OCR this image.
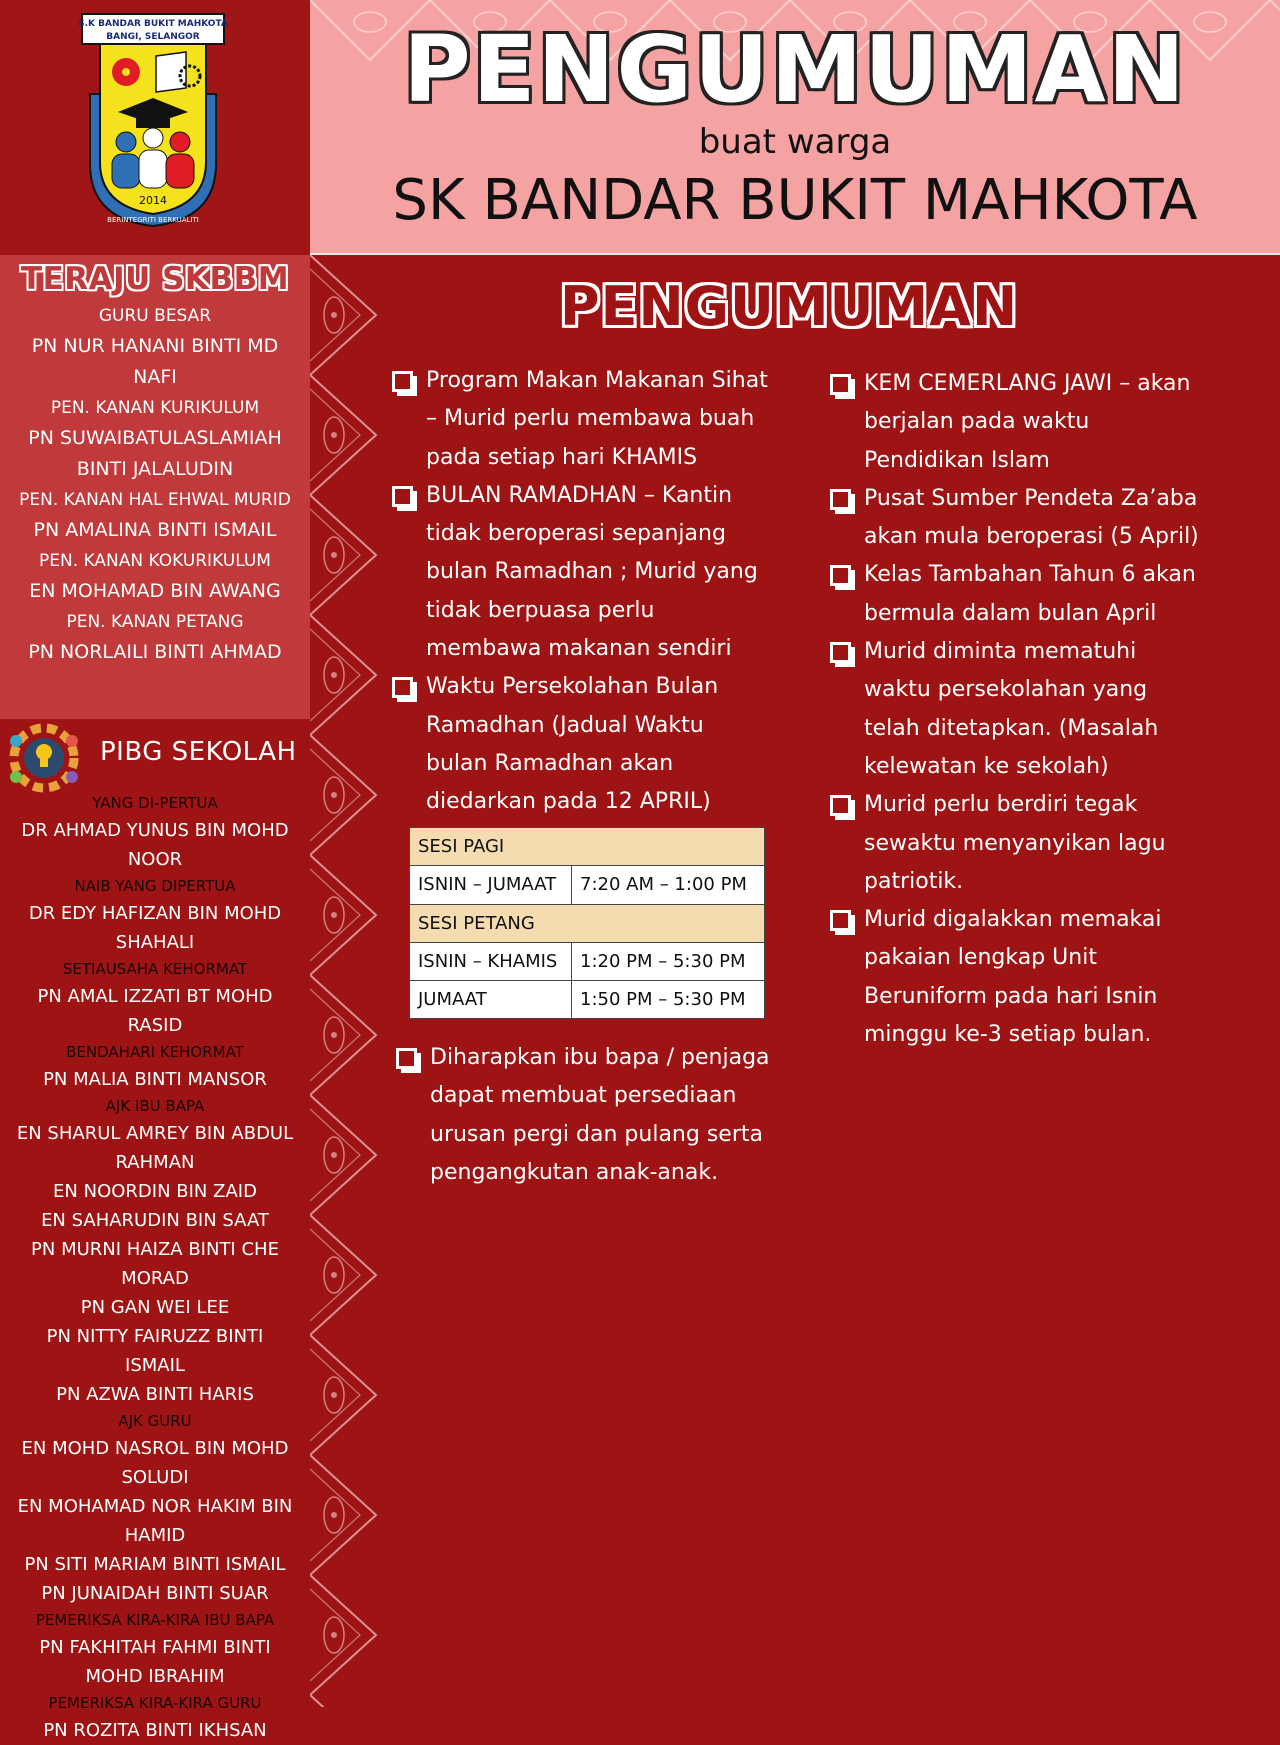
S.K BANDAR BUKIT MAHKOTA
BANGI, SELANGOR
2014
BERINTEGRITI BERKUALITI
TERAJU SKBBM
GURU BESAR
PN NUR HANANI BINTI MD NAFI
PEN. KANAN KURIKULUM
PN SUWAIBATULASLAMIAH BINTI JALALUDIN
PEN. KANAN HAL EHWAL MURID
PN AMALINA BINTI ISMAIL
PEN. KANAN KOKURIKULUM
EN MOHAMAD BIN AWANG
PEN. KANAN PETANG
PN NORLAILI BINTI AHMAD
PIBG SEKOLAH
YANG DI-PERTUA
DR AHMAD YUNUS BIN MOHD NOOR
NAIB YANG DIPERTUA
DR EDY HAFIZAN BIN MOHD SHAHALI
SETIAUSAHA KEHORMAT
PN AMAL IZZATI BT MOHD RASID
BENDAHARI KEHORMAT
PN MALIA BINTI MANSOR
AJK IBU BAPA
EN SHARUL AMREY BIN ABDUL RAHMAN
EN NOORDIN BIN ZAID
EN SAHARUDIN BIN SAAT
PN MURNI HAIZA BINTI CHE MORAD
PN GAN WEI LEE
PN NITTY FAIRUZZ BINTI ISMAIL
PN AZWA BINTI HARIS
AJK GURU
EN MOHD NASROL BIN MOHD SOLUDI
EN MOHAMAD NOR HAKIM BIN HAMID
PN SITI MARIAM BINTI ISMAIL
PN JUNAIDAH BINTI SUAR
PEMERIKSA KIRA-KIRA IBU BAPA
PN FAKHITAH FAHMI BINTI MOHD IBRAHIM
PEMERIKSA KIRA-KIRA GURU
PN ROZITA BINTI IKHSAN
PENGUMUMAN
buat warga
SK BANDAR BUKIT MAHKOTA
PENGUMUMAN
Program Makan Makanan Sihat – Murid perlu membawa buah pada setiap hari KHAMIS
BULAN RAMADHAN – Kantin tidak beroperasi sepanjang bulan Ramadhan ; Murid yang tidak berpuasa perlu membawa makanan sendiri
Waktu Persekolahan Bulan Ramadhan (Jadual Waktu bulan Ramadhan akan diedarkan pada 12 APRIL)
SESI PAGI	
ISNIN – JUMAAT	7:20 AM – 1:00 PM
SESI PETANG	
ISNIN – KHAMIS	1:20 PM – 5:30 PM
JUMAAT	1:50 PM – 5:30 PM
Diharapkan ibu bapa / penjaga dapat membuat persediaan urusan pergi dan pulang serta pengangkutan anak-anak.
KEM CEMERLANG JAWI – akan berjalan pada waktu Pendidikan Islam
Pusat Sumber Pendeta Za’aba akan mula beroperasi (5 April)
Kelas Tambahan Tahun 6 akan bermula dalam bulan April
Murid diminta mematuhi waktu persekolahan yang telah ditetapkan. (Masalah kelewatan ke sekolah)
Murid perlu berdiri tegak sewaktu menyanyikan lagu patriotik.
Murid digalakkan memakai pakaian lengkap Unit Beruniform pada hari Isnin minggu ke-3 setiap bulan.
